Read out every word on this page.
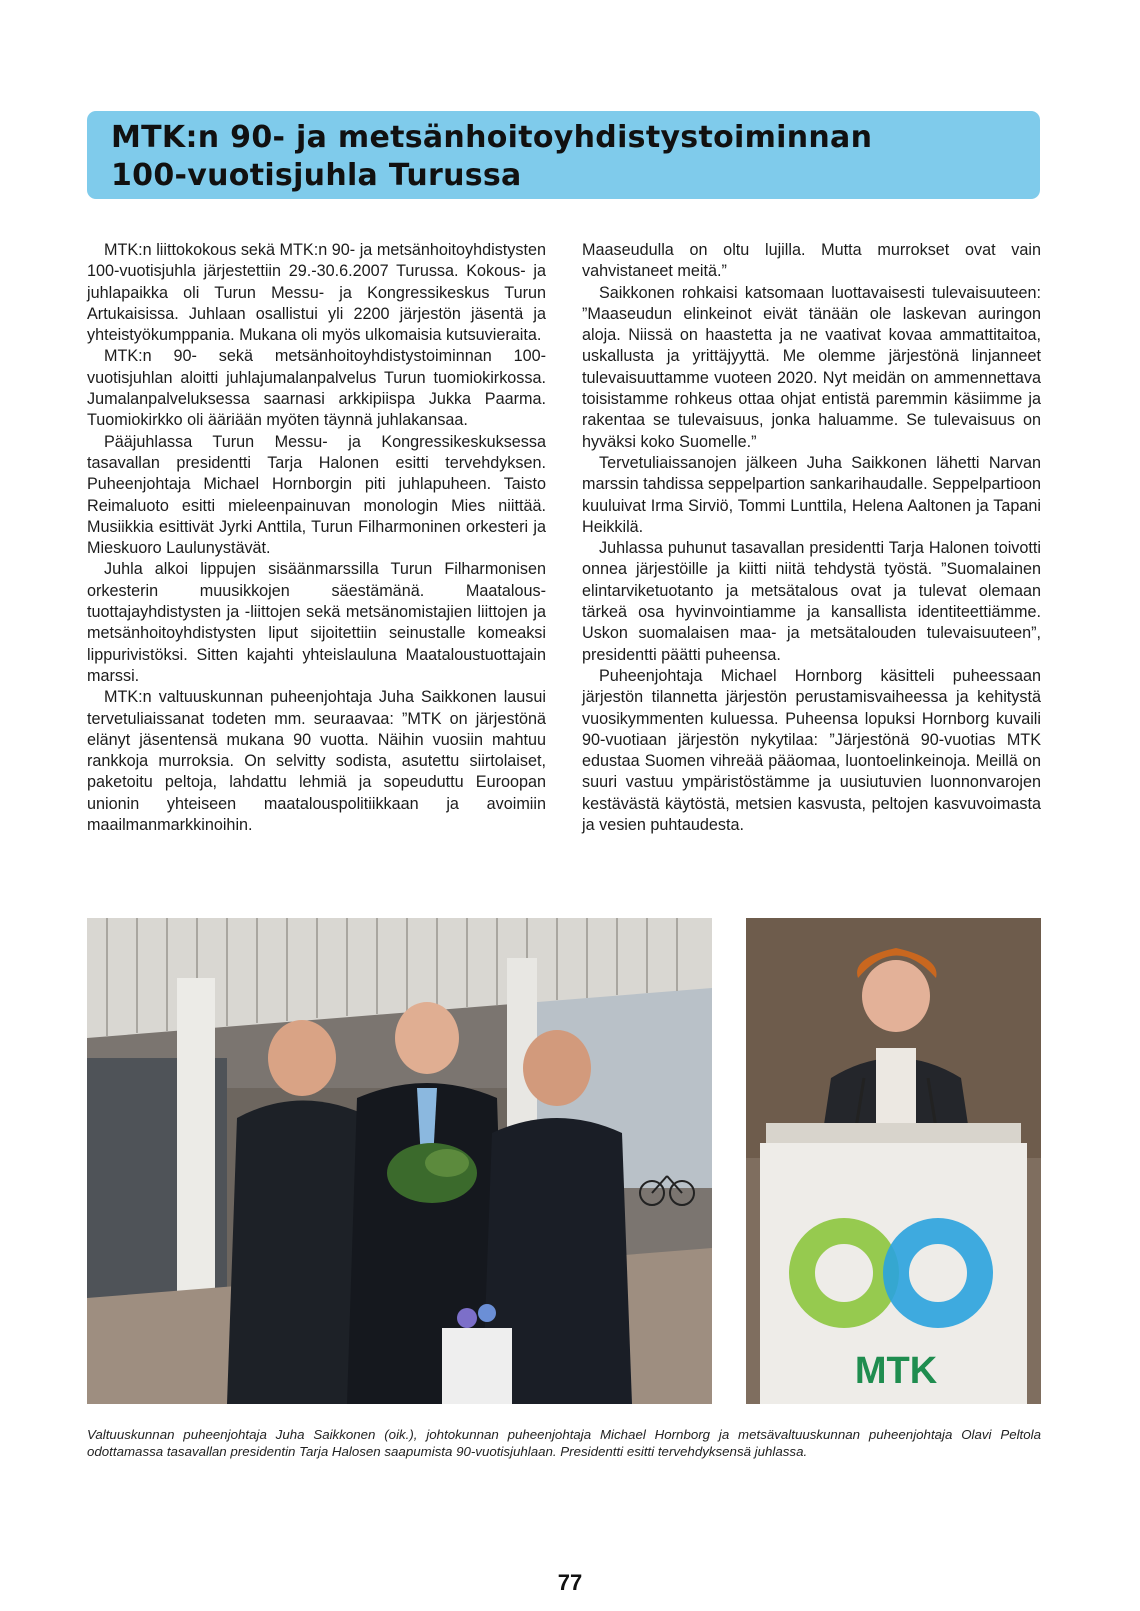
MTK:n 90- ja metsänhoitoyhdistystoiminnan
100-vuotisjuhla Turussa

MTK:n liittokokous sekä MTK:n 90- ja metsänhoitoyhdistysten 100-vuotisjuhla järjestettiin 29.-30.6.2007 Turussa. Kokous- ja juhlapaikka oli Turun Messu- ja Kongressikeskus Turun Artukaisissa. Juhlaan osallistui yli 2200 järjestön jäsentä ja yhteistyökumppania. Mukana oli myös ulkomaisia kutsuvieraita.

MTK:n 90- sekä metsänhoitoyhdistystoiminnan 100-vuotisjuhlan aloitti juhlajumalanpalvelus Turun tuomiokirkossa. Jumalanpalveluksessa saarnasi arkkipiispa Jukka Paarma. Tuomiokirkko oli ääriään myöten täynnä juhlakansaa.

Pääjuhlassa Turun Messu- ja Kongressikeskuksessa tasavallan presidentti Tarja Halonen esitti tervehdyksen. Puheenjohtaja Michael Hornborgin piti juhlapuheen. Taisto Reimaluoto esitti mieleenpainuvan monologin Mies niittää. Musiikkia esittivät Jyrki Anttila, Turun Filharmoninen orkesteri ja Mieskuoro Laulunystävät.

Juhla alkoi lippujen sisäänmarssilla Turun Filharmonisen orkesterin muusikkojen säestämänä. Maataloustuottajayhdistysten ja -liittojen sekä metsänomistajien liittojen ja metsänhoitoyhdistysten liput sijoitettiin seinustalle komeaksi lippurivistöksi. Sitten kajahti yhteislauluna Maataloustuottajain marssi.

MTK:n valtuuskunnan puheenjohtaja Juha Saikkonen lausui tervetuliaissanat todeten mm. seuraavaa: ”MTK on järjestönä elänyt jäsentensä mukana 90 vuotta. Näihin vuosiin mahtuu rankkoja murroksia. On selvitty sodista, asutettu siirtolaiset, paketoitu peltoja, lahdattu lehmiä ja sopeuduttu Euroopan unionin yhteiseen maatalouspolitiikkaan ja avoimiin maailmanmarkkinoihin.

Maaseudulla on oltu lujilla. Mutta murrokset ovat vain vahvistaneet meitä.”

Saikkonen rohkaisi katsomaan luottavaisesti tulevaisuuteen: ”Maaseudun elinkeinot eivät tänään ole laskevan auringon aloja. Niissä on haastetta ja ne vaativat kovaa ammattitaitoa, uskallusta ja yrittäjyyttä. Me olemme järjestönä linjanneet tulevaisuuttamme vuoteen 2020. Nyt meidän on ammennettava toisistamme rohkeus ottaa ohjat entistä paremmin käsiimme ja rakentaa se tulevaisuus, jonka haluamme. Se tulevaisuus on hyväksi koko Suomelle.”

Tervetuliaissanojen jälkeen Juha Saikkonen lähetti Narvan marssin tahdissa seppelpartion sankarihaudalle. Seppelpartioon kuuluivat Irma Sirviö, Tommi Lunttila, Helena Aaltonen ja Tapani Heikkilä.

Juhlassa puhunut tasavallan presidentti Tarja Halonen toivotti onnea järjestöille ja kiitti niitä tehdystä työstä. ”Suomalainen elintarviketuotanto ja metsätalous ovat ja tulevat olemaan tärkeä osa hyvinvointiamme ja kansallista identiteettiämme. Uskon suomalaisen maa- ja metsätalouden tulevaisuuteen”, presidentti päätti puheensa.

Puheenjohtaja Michael Hornborg käsitteli puheessaan järjestön tilannetta järjestön perustamisvaiheessa ja kehitystä vuosikymmenten kuluessa. Puheensa lopuksi Hornborg kuvaili 90-vuotiaan järjestön nykytilaa: ”Järjestönä 90-vuotias MTK edustaa Suomen vihreää pääomaa, luontoelinkeinoja. Meillä on suuri vastuu ympäristöstämme ja uusiutuvien luonnonvarojen kestävästä käytöstä, metsien kasvusta, peltojen kasvuvoimasta ja vesien puhtaudesta.

MTK
Valtuuskunnan puheenjohtaja Juha Saikkonen (oik.), johtokunnan puheenjohtaja Michael Hornborg ja metsävaltuuskunnan puheenjohtaja Olavi Peltola odottamassa tasavallan presidentin Tarja Halosen saapumista 90-vuotisjuhlaan. Presidentti esitti tervehdyksensä juhlassa.
77
